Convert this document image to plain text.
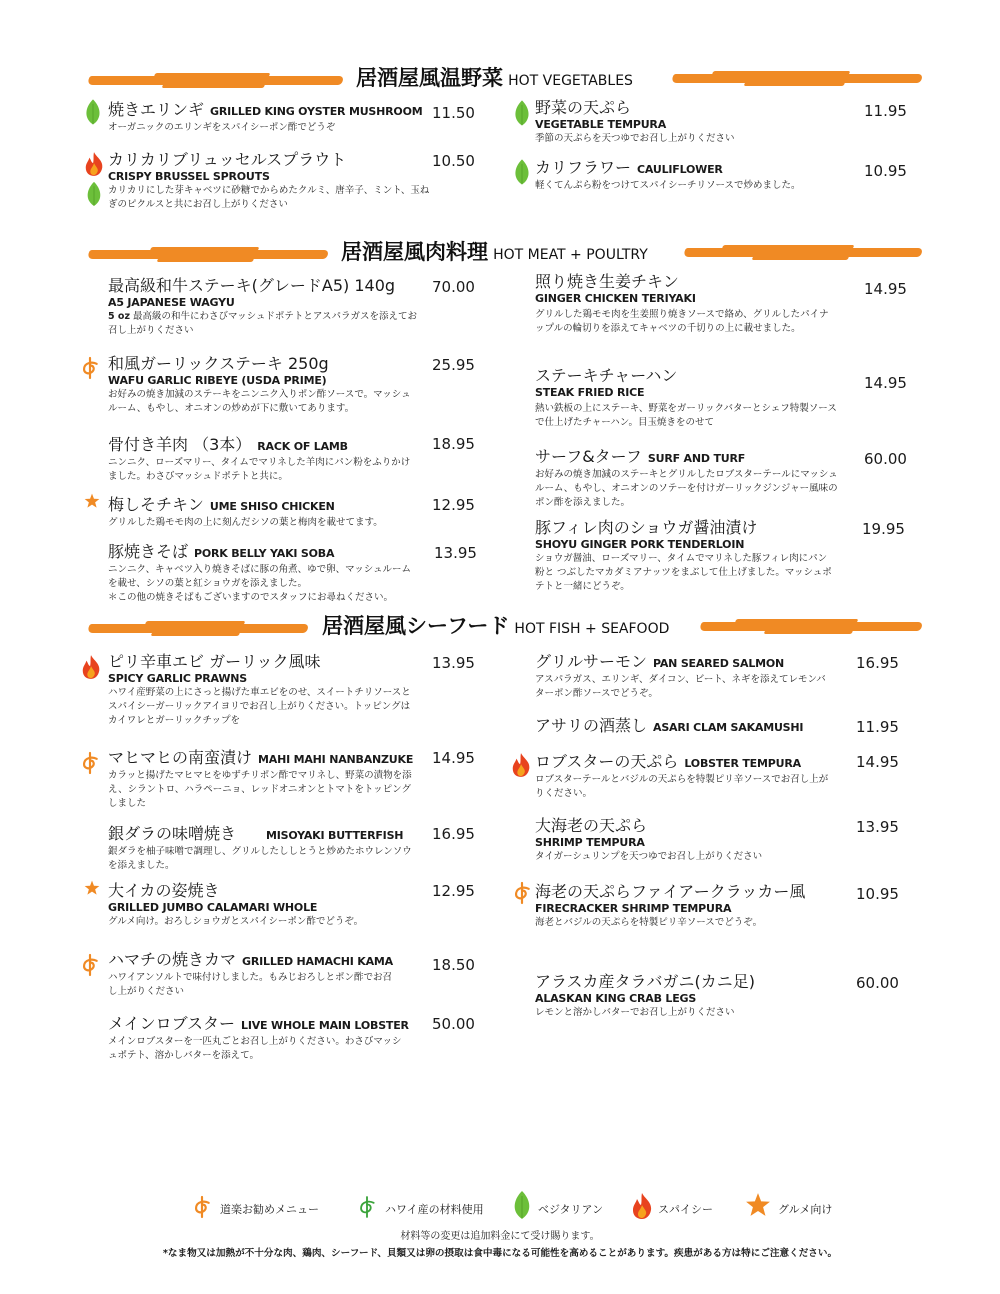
居酒屋風温野菜 HOT VEGETABLES
焼きエリンギ GRILLED KING OYSTER MUSHROOM
オーガニックのエリンギをスパイシーポン酢でどうぞ
11.50
カリカリブリュッセルスプラウト
CRISPY BRUSSEL SPROUTS
カリカリにした芽キャベツに砂糖でからめたクルミ、唐辛子、ミント、玉ねぎのピクルスと共にお召し上がりください
10.50
野菜の天ぷら
VEGETABLE TEMPURA
季節の天ぷらを天つゆでお召し上がりください
11.95
カリフラワー CAULIFLOWER
軽くてんぷら粉をつけてスパイシーチリソースで炒めました。
10.95
居酒屋風肉料理 HOT MEAT + POULTRY
最高級和牛ステーキ(グレードA5) 140g
A5 JAPANESE WAGYU
5 oz 最高級の和牛にわさびマッシュドポテトとアスパラガスを添えてお召し上がりください
70.00
和風ガーリックステーキ 250g
WAFU GARLIC RIBEYE (USDA PRIME)
お好みの焼き加減のステーキをニンニク入りポン酢ソースで。マッシュルーム、もやし、オニオンの炒めが下に敷いてあります。
25.95
骨付き羊肉 （3本） RACK OF LAMB
ニンニク、ローズマリー、タイムでマリネした羊肉にパン粉をふりかけました。わさびマッシュドポテトと共に。
18.95
梅しそチキン UME SHISO CHICKEN
グリルした鶏モモ肉の上に刻んだシソの葉と梅肉を載せてます。
12.95
豚焼きそば PORK BELLY YAKI SOBA
ニンニク、キャベツ入り焼きそばに豚の角煮、ゆで卵、マッシュルームを載せ、シソの葉と紅ショウガを添えました。
＊この他の焼きそばもございますのでスタッフにお尋ねください。
13.95
照り焼き生姜チキン
GINGER CHICKEN TERIYAKI
グリルした鶏モモ肉を生姜照り焼きソースで絡め、グリルしたパイナップルの輪切りを添えてキャベツの千切りの上に載せました。
14.95
ステーキチャーハン
STEAK FRIED RICE
熱い鉄板の上にステーキ、野菜をガーリックバターとシェフ特製ソースで仕上げたチャーハン。目玉焼きをのせて
14.95
サーフ&ターフ SURF AND TURF
お好みの焼き加減のステーキとグリルしたロブスターテールにマッシュルーム、もやし、オニオンのソテーを付けガーリックジンジャー風味のポン酢を添えました。
60.00
豚フィレ肉のショウガ醤油漬け
SHOYU GINGER PORK TENDERLOIN
ショウガ醤油、ローズマリー、タイムでマリネした豚フィレ肉にパン粉と つぶしたマカダミアナッツをまぶして仕上げました。マッシュポテトと一緒にどうぞ。
19.95
居酒屋風シーフード HOT FISH + SEAFOOD
ピリ辛車エビ ガーリック風味
SPICY GARLIC PRAWNS
ハワイ産野菜の上にさっと揚げた車エビをのせ、スイートチリソースとスパイシーガーリックアイヨリでお召し上がりください。トッピングはカイワレとガーリックチップを
13.95
マヒマヒの南蛮漬け MAHI MAHI NANBANZUKE
カラッと揚げたマヒマヒをゆずチリポン酢でマリネし、野菜の漬物を添え、シラントロ、ハラペーニョ、レッドオニオンとトマトをトッピングしました
14.95
銀ダラの味噌焼き	MISOYAKI BUTTERFISH
銀ダラを柚子味噌で調理し、グリルしたししとうと炒めたホウレンソウを添えました。
16.95
大イカの姿焼き
GRILLED JUMBO CALAMARI WHOLE
グルメ向け。おろしショウガとスパイシーポン酢でどうぞ。
12.95
ハマチの焼きカマ GRILLED HAMACHI KAMA
ハワイアンソルトで味付けしました。もみじおろしとポン酢でお召し上がりください
18.50
メインロブスター LIVE WHOLE MAIN LOBSTER
メインロブスターを一匹丸ごとお召し上がりください。わさびマッシュポテト、溶かしバターを添えて。
50.00
グリルサーモン PAN SEARED SALMON
アスパラガス、エリンギ、ダイコン、ビート、ネギを添えてレモンバターポン酢ソースでどうぞ。
16.95
アサリの酒蒸し ASARI CLAM SAKAMUSHI	11.95
ロブスターの天ぷら LOBSTER TEMPURA
ロブスターテールとバジルの天ぷらを特製ピリ辛ソースでお召し上がりください。
14.95
大海老の天ぷら
SHRIMP TEMPURA
タイガーシュリンプを天つゆでお召し上がりください
13.95
海老の天ぷらファイアークラッカー風
FIRECRACKER SHRIMP TEMPURA
海老とバジルの天ぷらを特製ピリ辛ソースでどうぞ。
10.95
アラスカ産タラバガニ(カニ足)
ALASKAN KING CRAB LEGS
レモンと溶かしバターでお召し上がりください
60.00
道楽お勧めメニュー	ハワイ産の材料使用	ベジタリアン	スパイシー	グルメ向け
材料等の変更は追加料金にて受け賜ります。
*なま物又は加熱が不十分な肉、鶏肉、シーフード、貝類又は卵の摂取は食中毒になる可能性を高めることがあります。疾患がある方は特にご注意ください。
